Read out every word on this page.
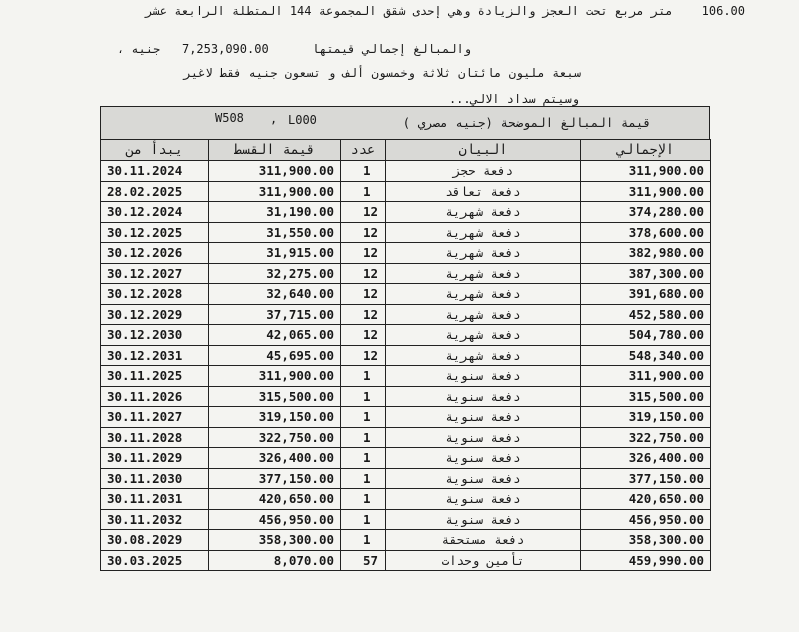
106.00    متر مربع تحت العجز والزيادة وهي إحدى شقق المجموعة 144 المتطلة الرابعة عشر
والمبالغ إجمالي قيمتها      7,253,090.00   جنيه ،
سبعة مليون مائتان ثلاثة وخمسون ألف و تسعون جنيه فقط لاغير
وسيتم سداد الالي...
W508 , L000	قيمة المبالغ الموضحة (جنيه مصري )
يبدأ من	قيمة القسط	عدد	البيان	الإجمالي
30.11.2024	311,900.00	1	دفعة حجز	311,900.00
28.02.2025	311,900.00	1	دفعة تعاقد	311,900.00
30.12.2024	31,190.00	12	دفعة شهرية	374,280.00
30.12.2025	31,550.00	12	دفعة شهرية	378,600.00
30.12.2026	31,915.00	12	دفعة شهرية	382,980.00
30.12.2027	32,275.00	12	دفعة شهرية	387,300.00
30.12.2028	32,640.00	12	دفعة شهرية	391,680.00
30.12.2029	37,715.00	12	دفعة شهرية	452,580.00
30.12.2030	42,065.00	12	دفعة شهرية	504,780.00
30.12.2031	45,695.00	12	دفعة شهرية	548,340.00
30.11.2025	311,900.00	1	دفعة سنوية	311,900.00
30.11.2026	315,500.00	1	دفعة سنوية	315,500.00
30.11.2027	319,150.00	1	دفعة سنوية	319,150.00
30.11.2028	322,750.00	1	دفعة سنوية	322,750.00
30.11.2029	326,400.00	1	دفعة سنوية	326,400.00
30.11.2030	377,150.00	1	دفعة سنوية	377,150.00
30.11.2031	420,650.00	1	دفعة سنوية	420,650.00
30.11.2032	456,950.00	1	دفعة سنوية	456,950.00
30.08.2029	358,300.00	1	دفعة مستحقة	358,300.00
30.03.2025	8,070.00	57	تأمين وحدات	459,990.00
